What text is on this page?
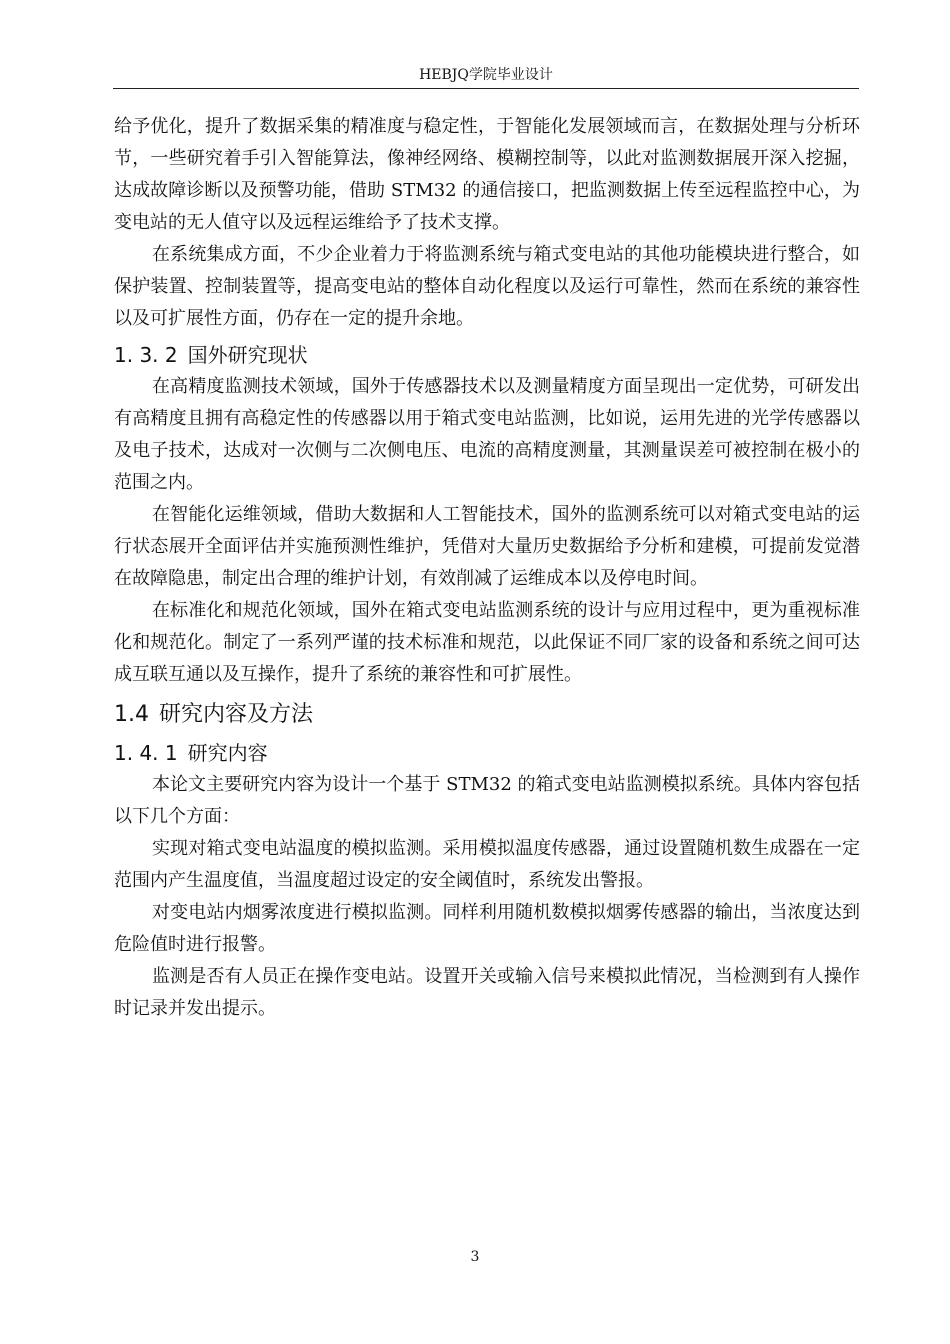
HEBJQ学院毕业设计

给予优化，提升了数据采集的精准度与稳定性，于智能化发展领域而言，在数据处理与分析环节，一些研究着手引入智能算法，像神经网络、模糊控制等，以此对监测数据展开深入挖掘，达成故障诊断以及预警功能，借助 STM32 的通信接口，把监测数据上传至远程监控中心，为变电站的无人值守以及远程运维给予了技术支撑。

在系统集成方面，不少企业着力于将监测系统与箱式变电站的其他功能模块进行整合，如保护装置、控制装置等，提高变电站的整体自动化程度以及运行可靠性，然而在系统的兼容性以及可扩展性方面，仍存在一定的提升余地。

1. 3. 2 国外研究现状

在高精度监测技术领域，国外于传感器技术以及测量精度方面呈现出一定优势，可研发出有高精度且拥有高稳定性的传感器以用于箱式变电站监测，比如说，运用先进的光学传感器以及电子技术，达成对一次侧与二次侧电压、电流的高精度测量，其测量误差可被控制在极小的范围之内。

在智能化运维领域，借助大数据和人工智能技术，国外的监测系统可以对箱式变电站的运行状态展开全面评估并实施预测性维护，凭借对大量历史数据给予分析和建模，可提前发觉潜在故障隐患，制定出合理的维护计划，有效削减了运维成本以及停电时间。

在标准化和规范化领域，国外在箱式变电站监测系统的设计与应用过程中，更为重视标准化和规范化。制定了一系列严谨的技术标准和规范，以此保证不同厂家的设备和系统之间可达成互联互通以及互操作，提升了系统的兼容性和可扩展性。

1.4 研究内容及方法
1. 4. 1 研究内容

本论文主要研究内容为设计一个基于 STM32 的箱式变电站监测模拟系统。具体内容包括以下几个方面：

实现对箱式变电站温度的模拟监测。采用模拟温度传感器，通过设置随机数生成器在一定范围内产生温度值，当温度超过设定的安全阈值时，系统发出警报。

对变电站内烟雾浓度进行模拟监测。同样利用随机数模拟烟雾传感器的输出，当浓度达到危险值时进行报警。

监测是否有人员正在操作变电站。设置开关或输入信号来模拟此情况，当检测到有人操作时记录并发出提示。

3
